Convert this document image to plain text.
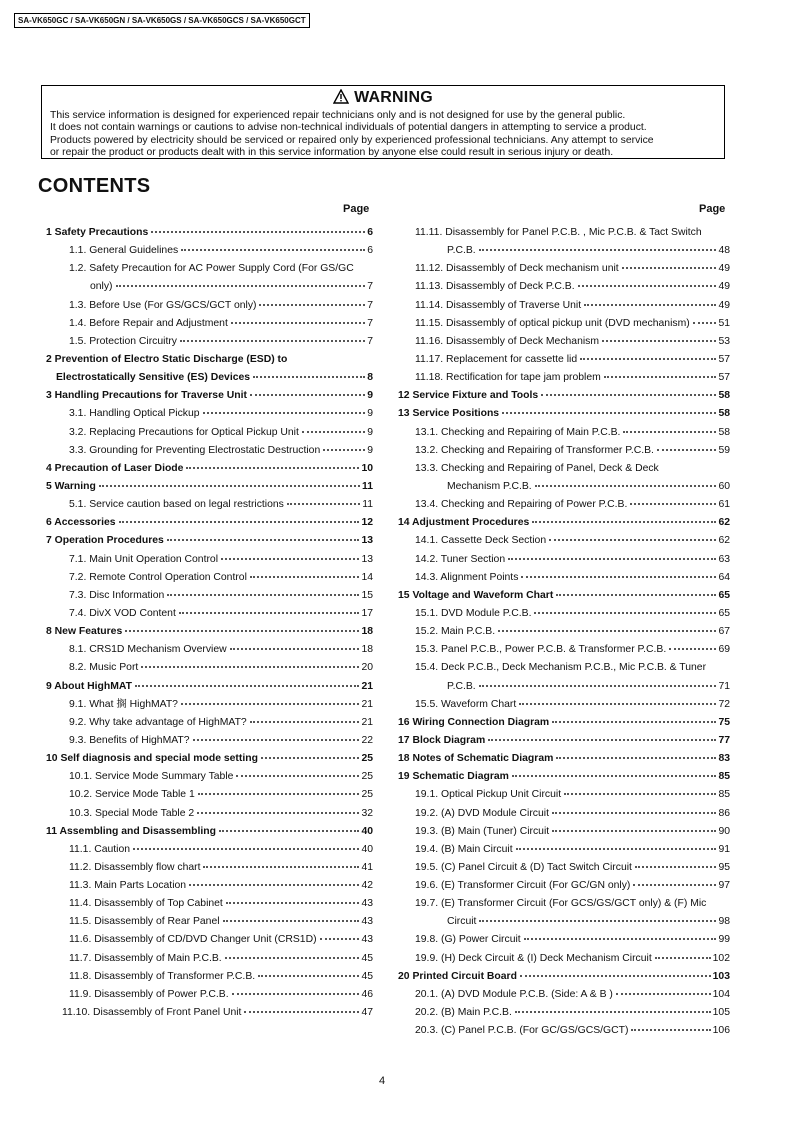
SA-VK650GC / SA-VK650GN / SA-VK650GS / SA-VK650GCS / SA-VK650GCT
WARNING
This service information is designed for experienced repair technicians only and is not designed for use by the general public.
It does not contain warnings or cautions to advise non-technical individuals of potential dangers in attempting to service a product.
Products powered by electricity should be serviced or repaired only by experienced professional technicians. Any attempt to service
or repair the product or products dealt with in this service information by anyone else could result in serious injury or death.
CONTENTS
Page	Page
1 Safety Precautions	6
1.1. General Guidelines	6
1.2. Safety Precaution for AC Power Supply Cord (For GS/GC
only)	7
1.3. Before Use (For GS/GCS/GCT only)	7
1.4. Before Repair and Adjustment	7
1.5. Protection Circuitry	7
2 Prevention of Electro Static Discharge (ESD) to
Electrostatically Sensitive (ES) Devices	8
3 Handling Precautions for Traverse Unit	9
3.1. Handling Optical Pickup	9
3.2. Replacing Precautions for Optical Pickup Unit	9
3.3. Grounding for Preventing Electrostatic Destruction	9
4 Precaution of Laser Diode	10
5 Warning	11
5.1. Service caution based on legal restrictions	11
6 Accessories	12
7 Operation Procedures	13
7.1. Main Unit Operation Control	13
7.2. Remote Control Operation Control	14
7.3. Disc Information	15
7.4. DivX VOD Content	17
8 New Features	18
8.1. CRS1D Mechanism Overview	18
8.2. Music Port	20
9 About HighMAT	21
9.1. What 搁 HighMAT?	21
9.2. Why take advantage of HighMAT?	21
9.3. Benefits of HighMAT?	22
10 Self diagnosis and special mode setting	25
10.1. Service Mode Summary Table	25
10.2. Service Mode Table 1	25
10.3. Special Mode Table 2	32
11 Assembling and Disassembling	40
11.1. Caution	40
11.2. Disassembly flow chart	41
11.3. Main Parts Location	42
11.4. Disassembly of Top Cabinet	43
11.5. Disassembly of Rear Panel	43
11.6. Disassembly of CD/DVD Changer Unit (CRS1D)	43
11.7. Disassembly of Main P.C.B.	45
11.8. Disassembly of Transformer P.C.B.	45
11.9. Disassembly of Power P.C.B.	46
11.10. Disassembly of Front Panel Unit	47
11.11. Disassembly for Panel P.C.B. , Mic P.C.B. & Tact Switch
P.C.B.	48
11.12. Disassembly of Deck mechanism unit	49
11.13. Disassembly of Deck P.C.B.	49
11.14. Disassembly of Traverse Unit	49
11.15. Disassembly of optical pickup unit (DVD mechanism)	51
11.16. Disassembly of Deck Mechanism	53
11.17. Replacement for cassette lid	57
11.18. Rectification for tape jam problem	57
12 Service Fixture and Tools	58
13 Service Positions	58
13.1. Checking and Repairing of Main P.C.B.	58
13.2. Checking and Repairing of Transformer P.C.B.	59
13.3. Checking and Repairing of Panel, Deck & Deck
Mechanism P.C.B.	60
13.4. Checking and Repairing of Power P.C.B.	61
14 Adjustment Procedures	62
14.1. Cassette Deck Section	62
14.2. Tuner Section	63
14.3. Alignment Points	64
15 Voltage and Waveform Chart	65
15.1. DVD Module P.C.B.	65
15.2. Main P.C.B.	67
15.3. Panel P.C.B., Power P.C.B. & Transformer P.C.B.	69
15.4. Deck P.C.B., Deck Mechanism P.C.B., Mic P.C.B. & Tuner
P.C.B.	71
15.5. Waveform Chart	72
16 Wiring Connection Diagram	75
17 Block Diagram	77
18 Notes of Schematic Diagram	83
19 Schematic Diagram	85
19.1. Optical Pickup Unit Circuit	85
19.2. (A) DVD Module Circuit	86
19.3. (B) Main (Tuner) Circuit	90
19.4. (B) Main Circuit	91
19.5. (C) Panel Circuit & (D) Tact Switch Circuit	95
19.6. (E) Transformer Circuit (For GC/GN only)	97
19.7. (E) Transformer Circuit (For GCS/GS/GCT only) & (F) Mic
Circuit	98
19.8. (G) Power Circuit	99
19.9. (H) Deck Circuit & (I) Deck Mechanism Circuit	102
20 Printed Circuit Board	103
20.1. (A) DVD Module P.C.B. (Side: A & B )	104
20.2. (B) Main P.C.B.	105
20.3. (C) Panel P.C.B. (For GC/GS/GCS/GCT)	106
4
